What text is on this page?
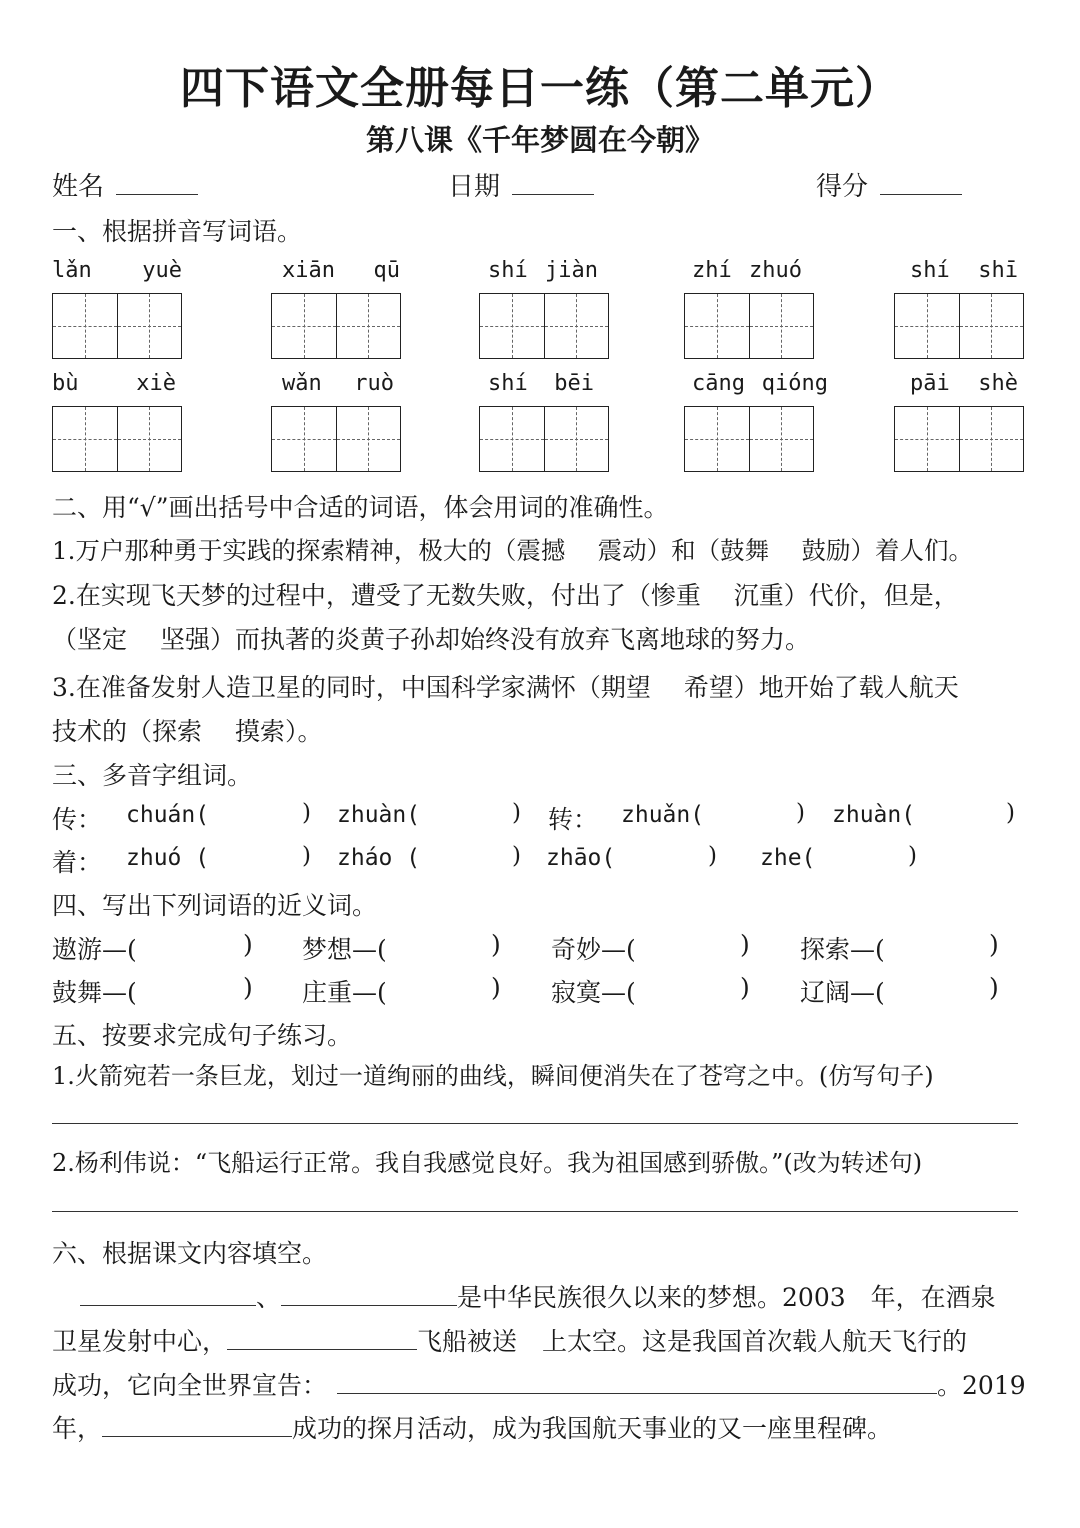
四下语文全册每日一练（第二单元）
第八课《千年梦圆在今朝》
姓名	日期	得分
一、根据拼音写词语。
lǎn yuè	xiān qū	shí jiàn	zhí zhuó	shí shī
bù	xiè	wǎn ruò	shí bēi	cāng qióng	pāi shè
二、用“√”画出括号中合适的词语，体会用词的准确性。
1.万户那种勇于实践的探索精神，极大的（震撼　 震动）和（鼓舞　 鼓励）着人们。
2.在实现飞天梦的过程中，遭受了无数失败，付出了（惨重　 沉重）代价，但是，
（坚定　 坚强）而执著的炎黄子孙却始终没有放弃飞离地球的努力。
3.在准备发射人造卫星的同时，中国科学家满怀（期望　 希望）地开始了载人航天
技术的（探索　 摸索）。
三、多音字组词。
传： chuán(	) zhuàn(	) 转： zhuǎn(	) zhuàn(	)
着： zhuó (	) zháo (	) zhāo(	) zhe(	)
四、写出下列词语的近义词。
遨游—(	) 梦想—(	) 奇妙—(	) 探索—(	)
鼓舞—(	) 庄重—(	) 寂寞—(	) 辽阔—(	)
五、按要求完成句子练习。
1.火箭宛若一条巨龙，划过一道绚丽的曲线，瞬间便消失在了苍穹之中。(仿写句子)
2.杨利伟说：“飞船运行正常。我自我感觉良好。我为祖国感到骄傲。”(改为转述句)
六、根据课文内容填空。
、	是中华民族很久以来的梦想。2003　年，在酒泉
卫星发射中心，	飞船被送　上太空。这是我国首次载人航天飞行的
成功，它向全世界宣告：	。2019
年，	成功的探月活动，成为我国航天事业的又一座里程碑。
